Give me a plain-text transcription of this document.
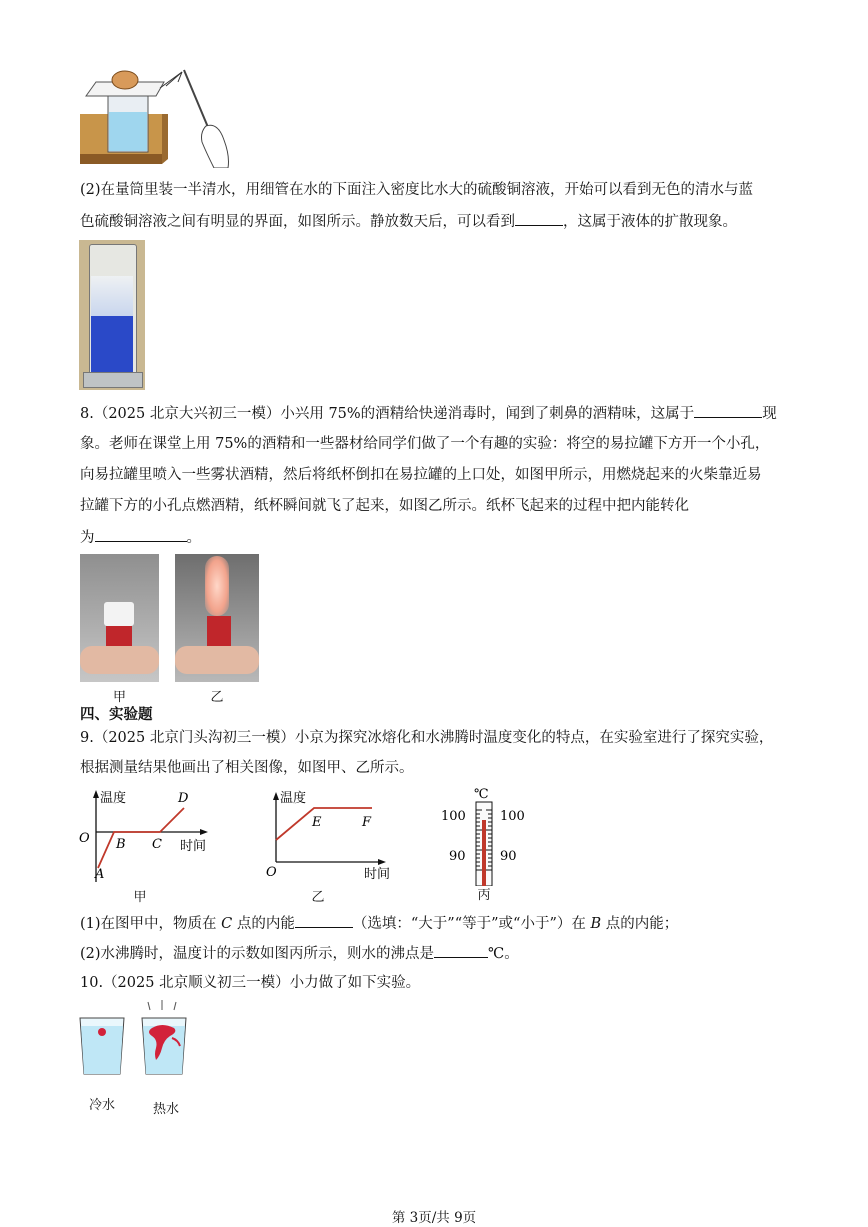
(2)在量筒里装一半清水，用细管在水的下面注入密度比水大的硫酸铜溶液，开始可以看到无色的清水与蓝
色硫酸铜溶液之间有明显的界面，如图所示。静放数天后，可以看到	，这属于液体的扩散现象。
8.（2025 北京大兴初三一模）小兴用 75%的酒精给快递消毒时，闻到了刺鼻的酒精味，这属于	现
象。老师在课堂上用 75%的酒精和一些器材给同学们做了一个有趣的实验：将空的易拉罐下方开一个小孔，
向易拉罐里喷入一些雾状酒精，然后将纸杯倒扣在易拉罐的上口处，如图甲所示，用燃烧起来的火柴靠近易
拉罐下方的小孔点燃酒精，纸杯瞬间就飞了起来，如图乙所示。纸杯飞起来的过程中把内能转化
为	。
甲	乙
四、实验题
9.（2025 北京门头沟初三一模）小京为探究冰熔化和水沸腾时温度变化的特点，在实验室进行了探究实验，
根据测量结果他画出了相关图像，如图甲、乙所示。
温度
时间
O
A
B C
D
甲
温度
E	F
O	时间
乙
℃
100	100
90	90
丙
(1)在图甲中，物质在 C 点的内能	（选填：“大于”“等于”或“小于”）在 B 点的内能；
(2)水沸腾时，温度计的示数如图丙所示，则水的沸点是	℃。
10.（2025 北京顺义初三一模）小力做了如下实验。
冷水	热水
第 3页/共 9页
